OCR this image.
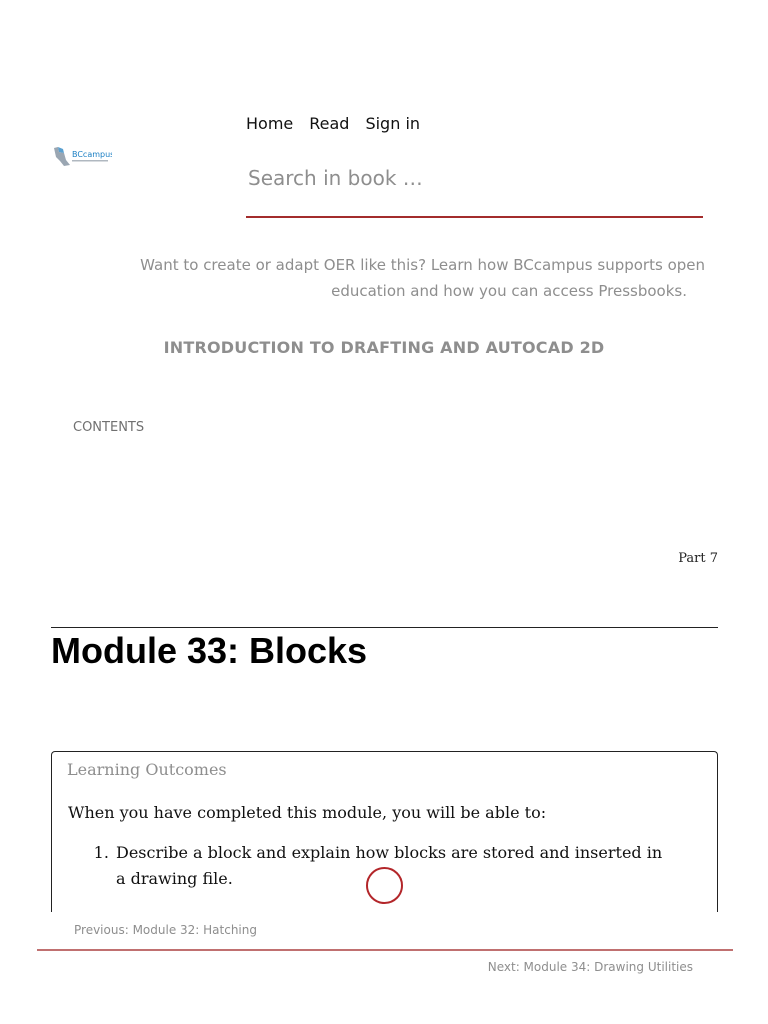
BCcampus
Home Read Sign in
Search in book …

Want to create or adapt OER like this? Learn how BCcampus supports open
education and how you can access Pressbooks.

INTRODUCTION TO DRAFTING AND AUTOCAD 2D
CONTENTS
Part 7
Module 33: Blocks
Learning Outcomes

When you have completed this module, you will be able to:

1. Describe a block and explain how blocks are stored and inserted in a drawing file.
Previous: Module 32: Hatching
Next: Module 34: Drawing Utilities
